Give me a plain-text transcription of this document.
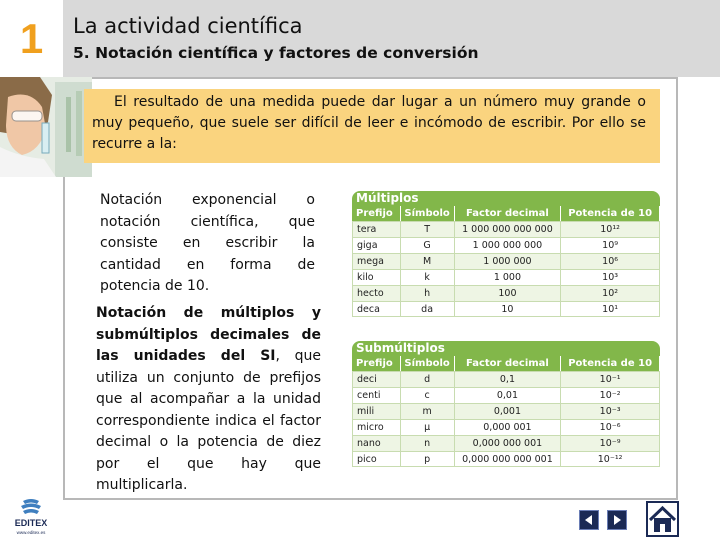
1 La actividad científica
5. Notación científica y factores de conversión
El resultado de una medida puede dar lugar a un número muy grande o muy pequeño, que suele ser difícil de leer e incómodo de escribir. Por ello se recurre a la:
Notación exponencial o notación científica, que consiste en escribir la cantidad en forma de potencia de 10.
Notación de múltiplos y submúltiplos decimales de las unidades del SI, que utiliza un conjunto de prefijos que al acompañar a la unidad correspondiente indica el factor decimal o la potencia de diez por el que hay que multiplicarla.
Múltiplos			
Prefijo	Símbolo	Factor decimal	Potencia de 10
tera	T	1 000 000 000 000	10¹²
giga	G	1 000 000 000	10⁹
mega	M	1 000 000	10⁶
kilo	k	1 000	10³
hecto	h	100	10²
deca	da	10	10¹
Submúltiplos			
Prefijo	Símbolo	Factor decimal	Potencia de 10
deci	d	0,1	10⁻¹
centi	c	0,01	10⁻²
mili	m	0,001	10⁻³
micro	μ	0,000 001	10⁻⁶
nano	n	0,000 000 001	10⁻⁹
pico	p	0,000 000 000 001	10⁻¹²
EDITEX
www.editex.es
